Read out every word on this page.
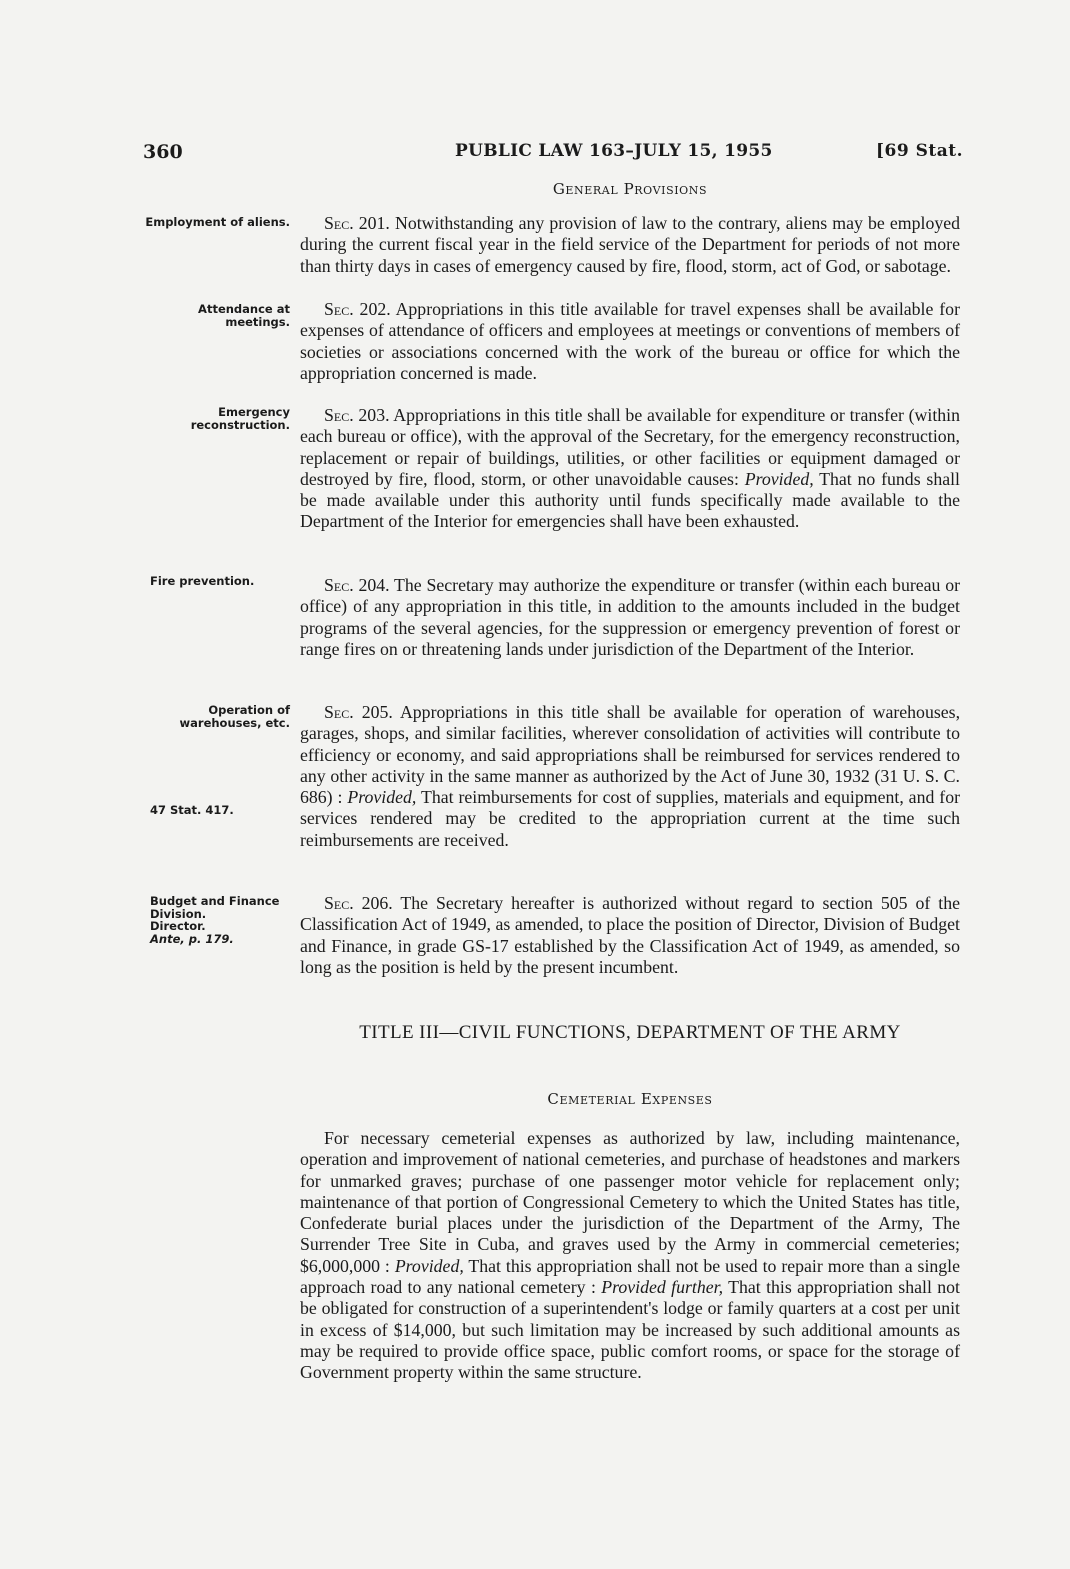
360	PUBLIC LAW 163–JULY 15, 1955	[69 Stat.
General Provisions
Employment of aliens.
Attendance at meetings.
Emergency reconstruction.
Fire prevention.
Operation of warehouses, etc.
47 Stat. 417.
Budget and Finance Division.
Director.
Ante, p. 179.

Sec. 201. Notwithstanding any provision of law to the contrary, aliens may be employed during the current fiscal year in the field service of the Department for periods of not more than thirty days in cases of emergency caused by fire, flood, storm, act of God, or sabotage.

Sec. 202. Appropriations in this title available for travel expenses shall be available for expenses of attendance of officers and employees at meetings or conventions of members of societies or associations concerned with the work of the bureau or office for which the appropriation concerned is made.

Sec. 203. Appropriations in this title shall be available for expenditure or transfer (within each bureau or office), with the approval of the Secretary, for the emergency reconstruction, replacement or repair of buildings, utilities, or other facilities or equipment damaged or destroyed by fire, flood, storm, or other unavoidable causes: Provided, That no funds shall be made available under this authority until funds specifically made available to the Department of the Interior for emergencies shall have been exhausted.

Sec. 204. The Secretary may authorize the expenditure or transfer (within each bureau or office) of any appropriation in this title, in addition to the amounts included in the budget programs of the several agencies, for the suppression or emergency prevention of forest or range fires on or threatening lands under jurisdiction of the Department of the Interior.

Sec. 205. Appropriations in this title shall be available for operation of warehouses, garages, shops, and similar facilities, wherever consolidation of activities will contribute to efficiency or economy, and said appropriations shall be reimbursed for services rendered to any other activity in the same manner as authorized by the Act of June 30, 1932 (31 U. S. C. 686) : Provided, That reimbursements for cost of supplies, materials and equipment, and for services rendered may be credited to the appropriation current at the time such reimbursements are received.

Sec. 206. The Secretary hereafter is authorized without regard to section 505 of the Classification Act of 1949, as amended, to place the position of Director, Division of Budget and Finance, in grade GS-17 established by the Classification Act of 1949, as amended, so long as the position is held by the present incumbent.

TITLE III—CIVIL FUNCTIONS, DEPARTMENT OF THE ARMY
Cemeterial Expenses

For necessary cemeterial expenses as authorized by law, including maintenance, operation and improvement of national cemeteries, and purchase of headstones and markers for unmarked graves; purchase of one passenger motor vehicle for replacement only; maintenance of that portion of Congressional Cemetery to which the United States has title, Confederate burial places under the jurisdiction of the Department of the Army, The Surrender Tree Site in Cuba, and graves used by the Army in commercial cemeteries; $6,000,000 : Provided, That this appropriation shall not be used to repair more than a single approach road to any national cemetery : Provided further, That this appropriation shall not be obligated for construction of a superintendent's lodge or family quarters at a cost per unit in excess of $14,000, but such limitation may be increased by such additional amounts as may be required to provide office space, public comfort rooms, or space for the storage of Government property within the same structure.
